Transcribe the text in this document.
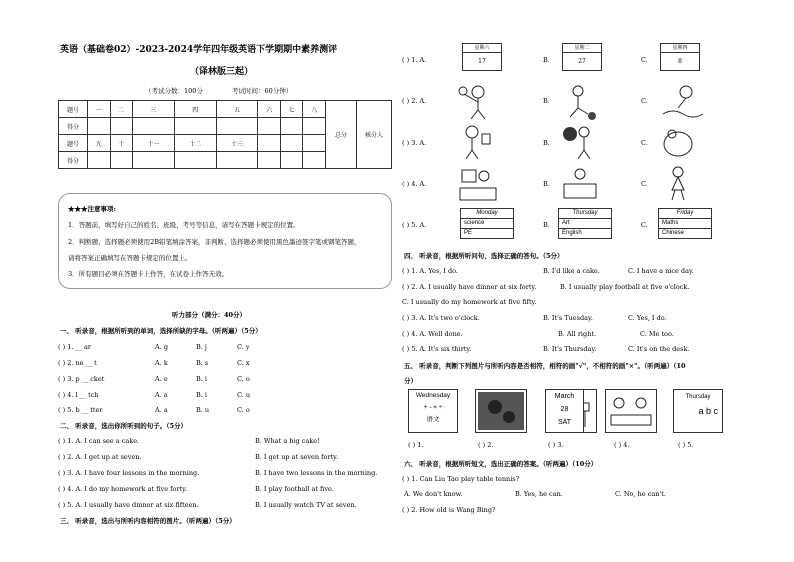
英语（基础卷02）-2023-2024学年四年级英语下学期期中素养测评
（译林版三起）
（考试分数：100分	考试时间：60分钟）
题号	一	二	三	四	五	六	七	八	总分	核分人
得分										
题号	九	十	十一	十二	十三					
得分										
★★★注意事项:
1．答题前，填写好自己的姓名、班级、考号等信息，请写在答题卡规定的位置。
2．判断题、选择题必须使用2B铅笔填涂答案，非判断、选择题必须使用黑色墨迹签字笔或钢笔答题，
请将答案正确填写在答题卡规定的位置上。
3．所有题目必须在答题卡上作答，在试卷上作答无效。
听力部分（满分：40分）
一、 听录音，根据所听到的单词，选择所缺的字母。（听两遍）（5分）
( ) 1. __ ar	A. g	B. j	C. y
( ) 2. ne __ t	A. k	B. s	C. x
( ) 3. p __ cket	A. e	B. i	C. o
( ) 4. l __ tch	A. a	B. i	C. u
( ) 5. b __ tter	A. a	B. u	C. o
二、 听录音，选出你所听到的句子。（5分）
( ) 1. A. I can see a cake.	B. What a big cake!
( ) 2. A. I get up at seven.	B. I get up at seven forty.
( ) 3. A. I have four lessons in the morning.	B. I have two lessons in the morning.
( ) 4. A. I do my homework at five forty.	B. I play football at five.
( ) 5. A. I usually have dinner at six fifteen.	B. I usually watch TV at seven.
三、 听录音，选出与所听内容相符的图片。（听两遍）（5分）
( ) 1. A.	B.	C.
( ) 2. A.	B.	C.
( ) 3. A.	B.	C.
( ) 4. A.	B.	C.
( ) 5. A.	B.	C.
星期六
17
星期二
27
星期四
8
Monday
science
PE
Thursday
Art
English
Friday
Maths
Chinese
四、 听录音，根据所听问句，选择正确的答句。（5分）
( ) 1. A. Yes, I do.	B. I'd like a cake.	C. I have a nice day.
( ) 2. A. I usually have dinner at six forty.	B. I usually play football at five o'clock.
C. I usually do my homework at five fifty.
( ) 3. A. It's two o'clock.	B. It's Tuesday.	C. Yes, I do.
( ) 4. A. Well done.	B. All right.	C. Me too.
( ) 5. A. It's six thirty.	B. It's Thursday.	C. It's on the desk.
五、 听录音，判断下列图片与所听内容是否相符，相符的画"√"，不相符的画"×"。（听两遍）（10
分）
Wednesday
+ - × ÷
语文
March
28
SAT
Thursday
a b c
( ) 1.	( ) 2.	( ) 3.	( ) 4.	( ) 5.
六、 听录音，根据所听短文，选出正确的答案。（听两遍）（10分）
( ) 1. Can Liu Tao play table tennis?
A. We don't know.	B. Yes, he can.	C. No, he can't.
( ) 2. How old is Wang Bing?
